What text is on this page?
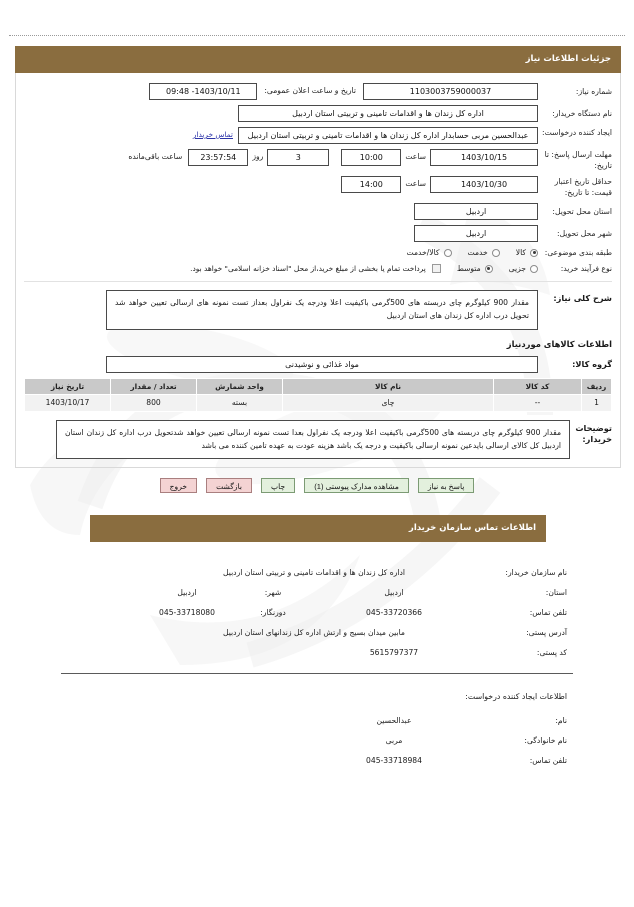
جزئیات اطلاعات نیاز
شماره نیاز:
1103003759000037
تاریخ و ساعت اعلان عمومی:
1403/10/11- 09:48
نام دستگاه خریدار:
اداره کل زندان ها و اقدامات تامینی و تربیتی استان اردبیل
ایجاد کننده درخواست:
عبدالحسین مربی حسابدار اداره کل زندان ها و اقدامات تامینی و تربیتی استان اردبیل
تماس خریدار
مهلت ارسال پاسخ: تا تاریخ:
1403/10/15
ساعت
10:00
3
روز
23:57:54
ساعت باقی‌مانده
حداقل تاریخ اعتبار قیمت: تا تاریخ:
1403/10/30
ساعت
14:00
استان محل تحویل:
اردبیل
شهر محل تحویل:
اردبیل
طبقه بندی موضوعی:
کالا
خدمت
کالا/خدمت
نوع فرآیند خرید:
جزیی
متوسط
پرداخت تمام یا بخشی از مبلغ خرید،از محل "اسناد خزانه اسلامی" خواهد بود.
شرح کلی نیاز:
مقدار 900 کیلوگرم چای دربسته های 500گرمی باکیفیت اعلا ودرجه یک نفراول بعداز تست نمونه های ارسالی تعیین خواهد شد تحویل درب اداره کل زندان های استان اردبیل
اطلاعات کالاهای موردنیاز
گروه کالا:
مواد غذائی و نوشیدنی
ردیف	کد کالا	نام کالا	واحد شمارش	تعداد / مقدار	تاریخ نیاز
1	--	چای	بسته	800	1403/10/17
توضیحات خریدار:
مقدار 900 کیلوگرم چای دربسته های 500گرمی باکیفیت اعلا ودرجه یک نفراول بعدا تست نمونه ارسالی تعیین خواهد شدتحویل درب اداره کل زندان استان اردبیل کل کالای ارسالی بایدعین نمونه ارسالی باکیفیت و درجه یک باشد هزینه عودت به عهده تامین کننده می باشد
پاسخ به نیاز
مشاهده مدارک پیوستی (1)
چاپ
بازگشت
خروج
اطلاعات تماس سازمان خریدار
نام سازمان خریدار:
اداره کل زندان ها و اقدامات تامینی و تربیتی استان اردبیل
استان:
اردبیل
شهر:
اردبیل
تلفن تماس:
045-33720366
دورنگار:
045-33718080
آدرس پستی:
مابین میدان بسیج و ارتش اداره کل زندانهای استان اردبیل
کد پستی:
5615797377
اطلاعات ایجاد کننده درخواست:
نام:
عبدالحسین
نام خانوادگی:
مربی
تلفن تماس:
045-33718984
